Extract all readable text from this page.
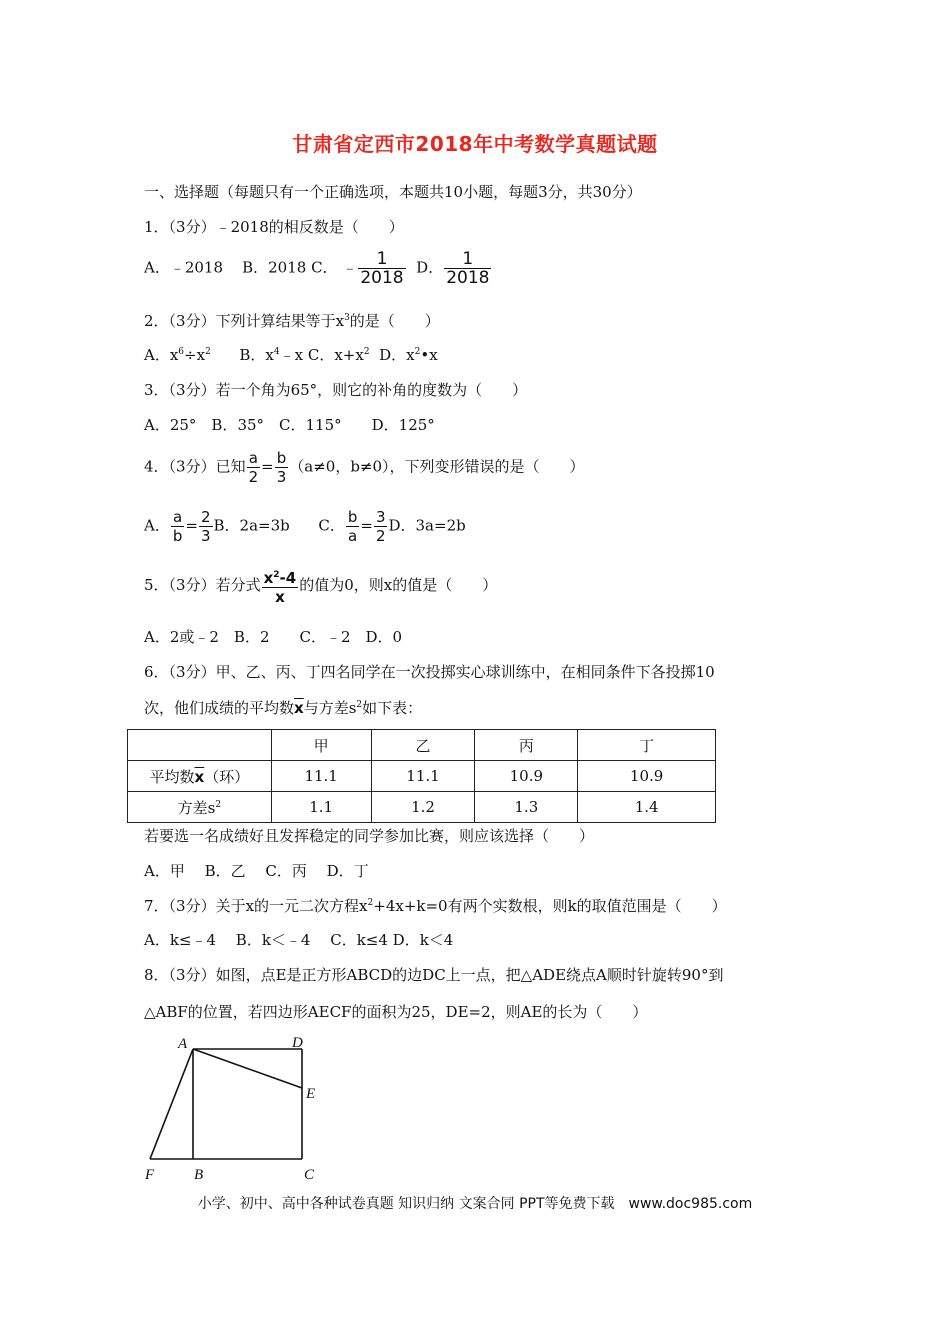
甘肃省定西市2018年中考数学真题试题
一、选择题（每题只有一个正确选项，本题共10小题，每题3分，共30分）
1．（3分）﹣2018的相反数是（　　）
A．﹣2018 B．2018 C． ﹣ $\frac{1}{2018}$ D． $\frac{1}{2018}$
2．（3分）下列计算结果等于$x^3$的是（　　）
A．$x^6\div x^2$ B．$x^4﹣x$ C．$x+x^2$ D．$x^2•x$
3．（3分）若一个角为65°，则它的补角的度数为（　　）
A．25°　B．35°　C．115°　　D．125°
4．（3分）已知 $\frac{a}{2} = \frac{b}{3} (a\ne 0$，b≠0），下列变形错误的是（　　）
A． $\frac{a}{b} = \frac{2}{3}$ B．2a=3b C． $\frac{b}{a} = \frac{3}{2}$ D．3a=2b
5．（3分）若分式 $\frac{x^2-4}{x}$ 的值为0，则x的值是（　　）
A．2或﹣2　B．2　　C．﹣2　D．0
6．（3分）甲、乙、丙、丁四名同学在一次投掷实心球训练中，在相同条件下各投掷10
次，他们成绩的平均数$\overline{x}$与方差$s^2$如下表：
	甲	乙	丙	丁
平均数$\overline{x}$（环）	11.1	11.1	10.9	10.9
方差$s^2$	1.1	1.2	1.3	1.4
若要选一名成绩好且发挥稳定的同学参加比赛，则应该选择（　　）
A．甲　 B．乙　 C．丙　 D．丁
7．（3分）关于x的一元二次方程$x^2+4x+k=0$有两个实数根，则k的取值范围是（　　）
A．k≤﹣4　 B．k＜﹣4　 C．k≤4 D．k＜4
8．（3分）如图，点E是正方形ABCD的边DC上一点，把△ADE绕点A顺时针旋转90°到
△ABF的位置，若四边形AECF的面积为25，DE=2，则AE的长为（　　）
A	D
E
F	B	C
小学、初中、高中各种试卷真题 知识归纳 文案合同 PPT等免费下载　www.doc985.com
